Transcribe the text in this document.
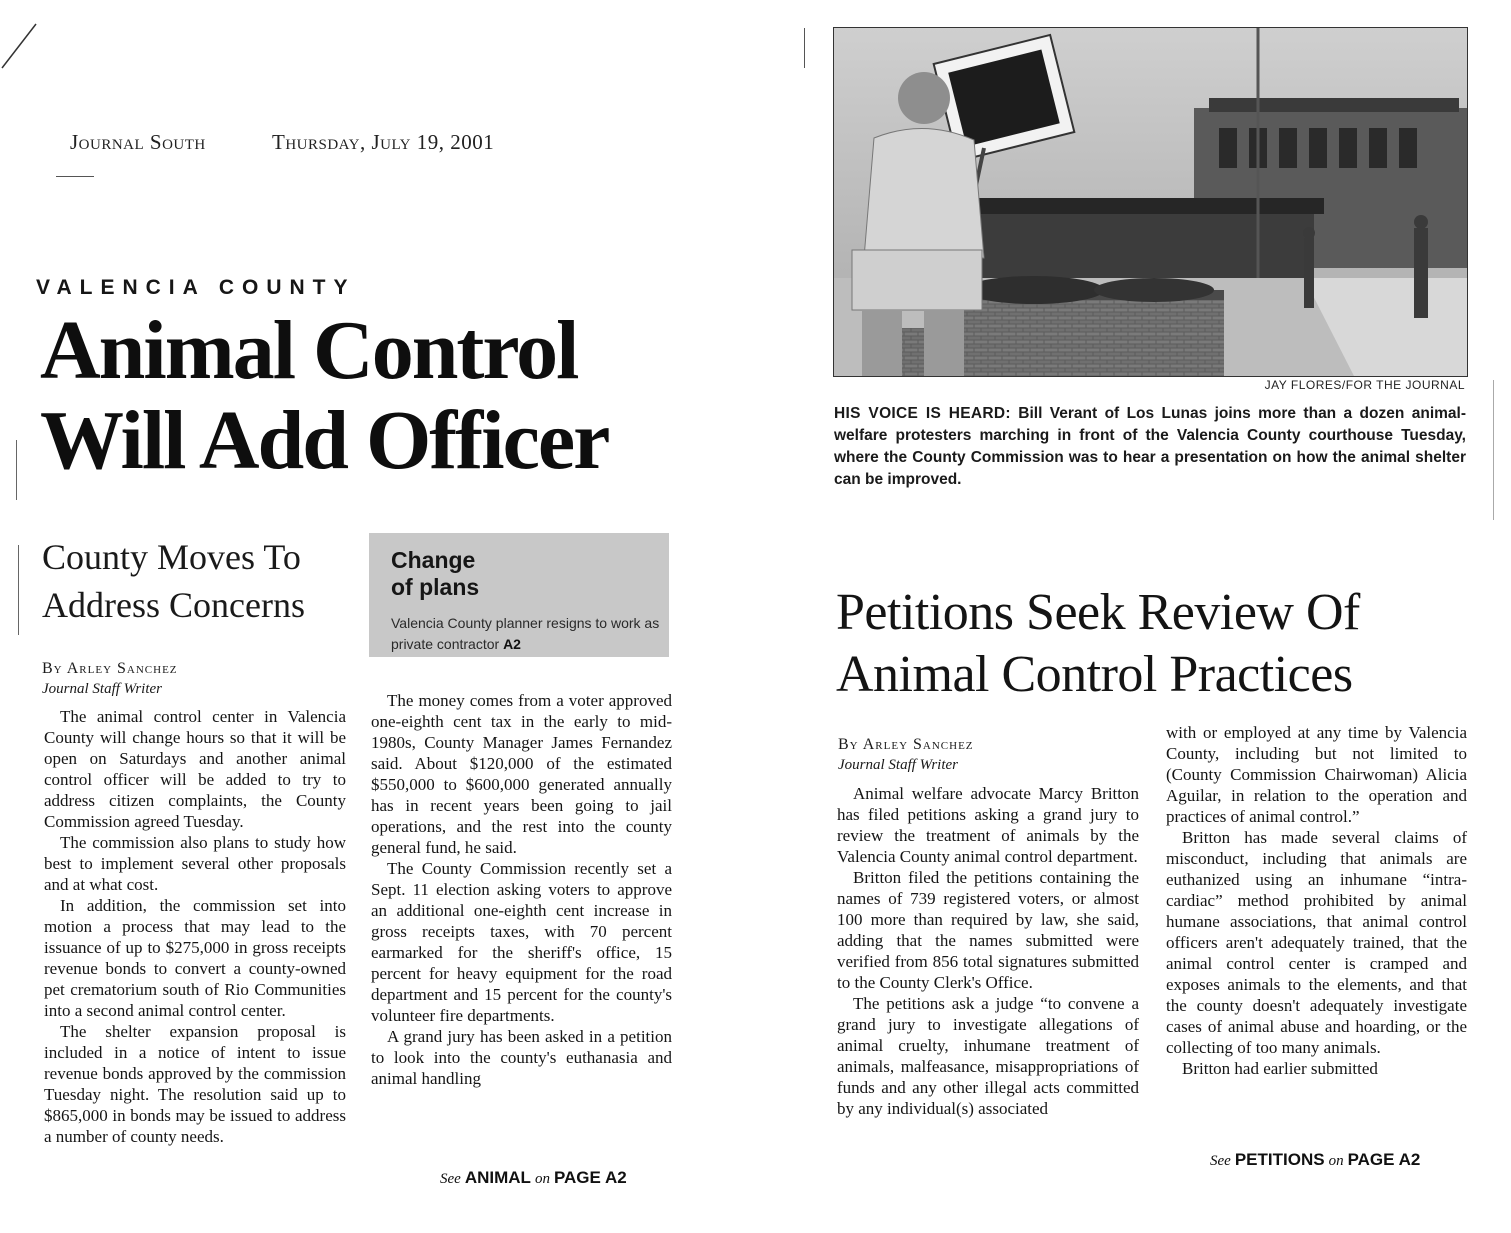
Journal South	Thursday, July 19, 2001
VALENCIA COUNTY
Animal Control
Will Add Officer
County Moves To
Address Concerns
Change
of plans
Valencia County planner resigns to work as private contractor A2
By Arley Sanchez
Journal Staff Writer

The animal control center in Valencia County will change hours so that it will be open on Saturdays and another animal control officer will be added to try to address citizen complaints, the County Commission agreed Tuesday.

The commission also plans to study how best to implement several other proposals and at what cost.

In addition, the commission set into motion a process that may lead to the issuance of up to $275,000 in gross receipts revenue bonds to convert a county-owned pet crematorium south of Rio Communities into a second animal control center.

The shelter expansion proposal is included in a notice of intent to issue revenue bonds approved by the commission Tuesday night. The resolution said up to $865,000 in bonds may be issued to address a number of county needs.

The money comes from a voter approved one-eighth cent tax in the early to mid-1980s, County Manager James Fernandez said. About $120,000 of the estimated $550,000 to $600,000 generated annually has in recent years been going to jail operations, and the rest into the county general fund, he said.

The County Commission recently set a Sept. 11 election asking voters to approve an additional one-eighth cent increase in gross receipts taxes, with 70 percent earmarked for the sheriff's office, 15 percent for heavy equipment for the road department and 15 percent for the county's volunteer fire departments.

A grand jury has been asked in a petition to look into the county's euthanasia and animal handling

See ANIMAL on PAGE A2
JAY FLORES/FOR THE JOURNAL
HIS VOICE IS HEARD: Bill Verant of Los Lunas joins more than a dozen animal-welfare protesters marching in front of the Valencia County courthouse Tuesday, where the County Commission was to hear a presentation on how the animal shelter can be improved.
Petitions Seek Review Of
Animal Control Practices
By Arley Sanchez
Journal Staff Writer

Animal welfare advocate Marcy Britton has filed petitions asking a grand jury to review the treatment of animals by the Valencia County animal control department.

Britton filed the petitions containing the names of 739 registered voters, or almost 100 more than required by law, she said, adding that the names submitted were verified from 856 total signatures submitted to the County Clerk's Office.

The petitions ask a judge “to convene a grand jury to investigate allegations of animal cruelty, inhumane treatment of animals, malfeasance, misappropriations of funds and any other illegal acts committed by any individual(s) associated

with or employed at any time by Valencia County, including but not limited to (County Commission Chairwoman) Alicia Aguilar, in relation to the operation and practices of animal control.”

Britton has made several claims of misconduct, including that animals are euthanized using an inhumane “intra-cardiac” method prohibited by animal humane associations, that animal control officers aren't adequately trained, that the animal control center is cramped and exposes animals to the elements, and that the county doesn't adequately investigate cases of animal abuse and hoarding, or the collecting of too many animals.

Britton had earlier submitted

See PETITIONS on PAGE A2
